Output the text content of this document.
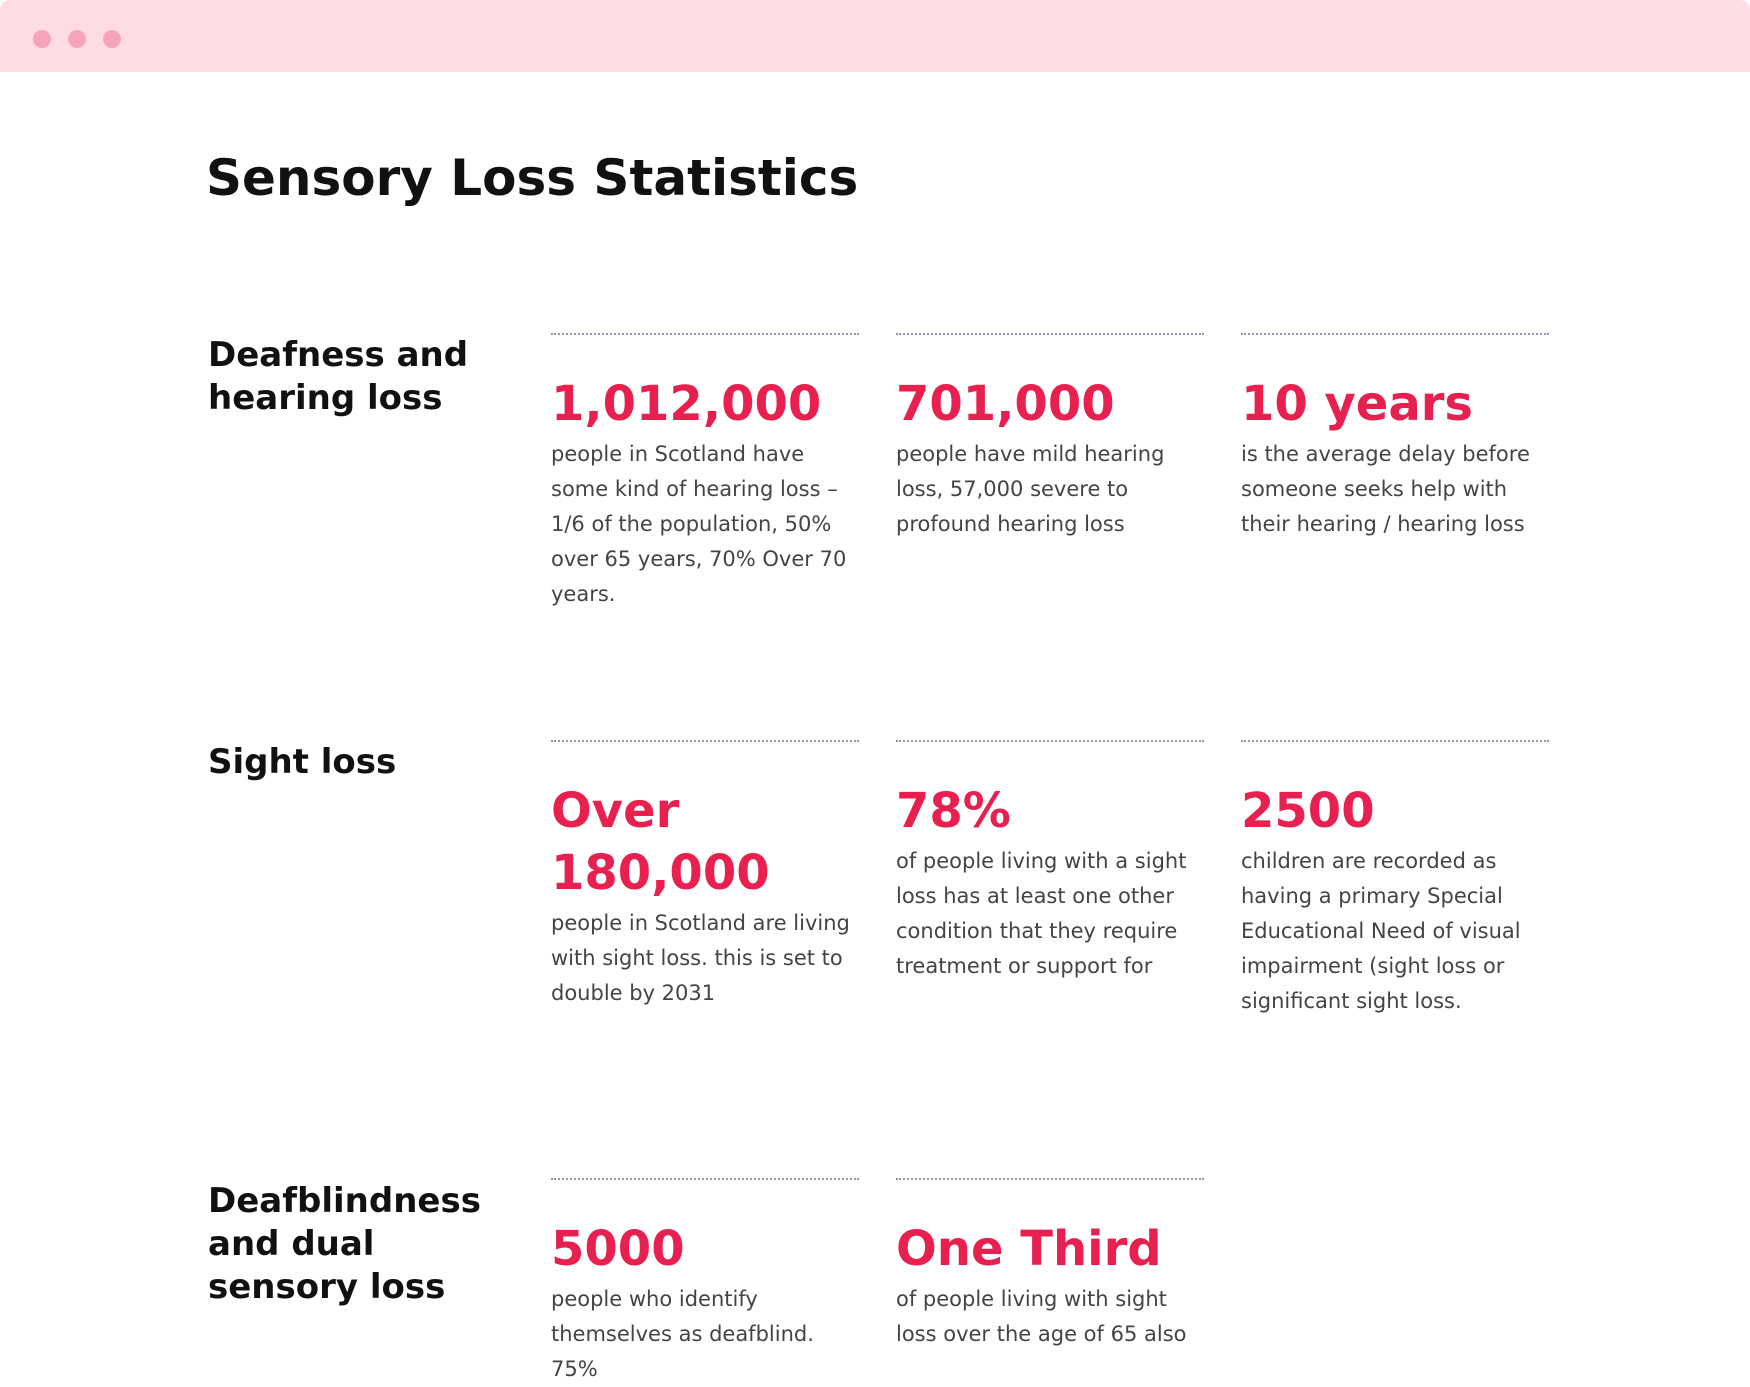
Sensory Loss Statistics
Deafness and hearing loss	1,012,000

people in Scotland have some kind of hearing loss – 1/6 of the population, 50% over 65 years, 70% Over 70 years.

701,000

people have mild hearing loss, 57,000 severe to profound hearing loss

10 years

is the average delay before someone seeks help with their hearing / hearing loss

Sight loss
Over 180,000

people in Scotland are living with sight loss. this is set to double by 2031

78%

of people living with a sight loss has at least one other condition that they require treatment or support for

2500

children are recorded as having a primary Special Educational Need of visual impairment (sight loss or significant sight loss.

Deafblindness and dual sensory loss
5000

people who identify themselves as deafblind. 75%

One Third

of people living with sight loss over the age of 65 also
